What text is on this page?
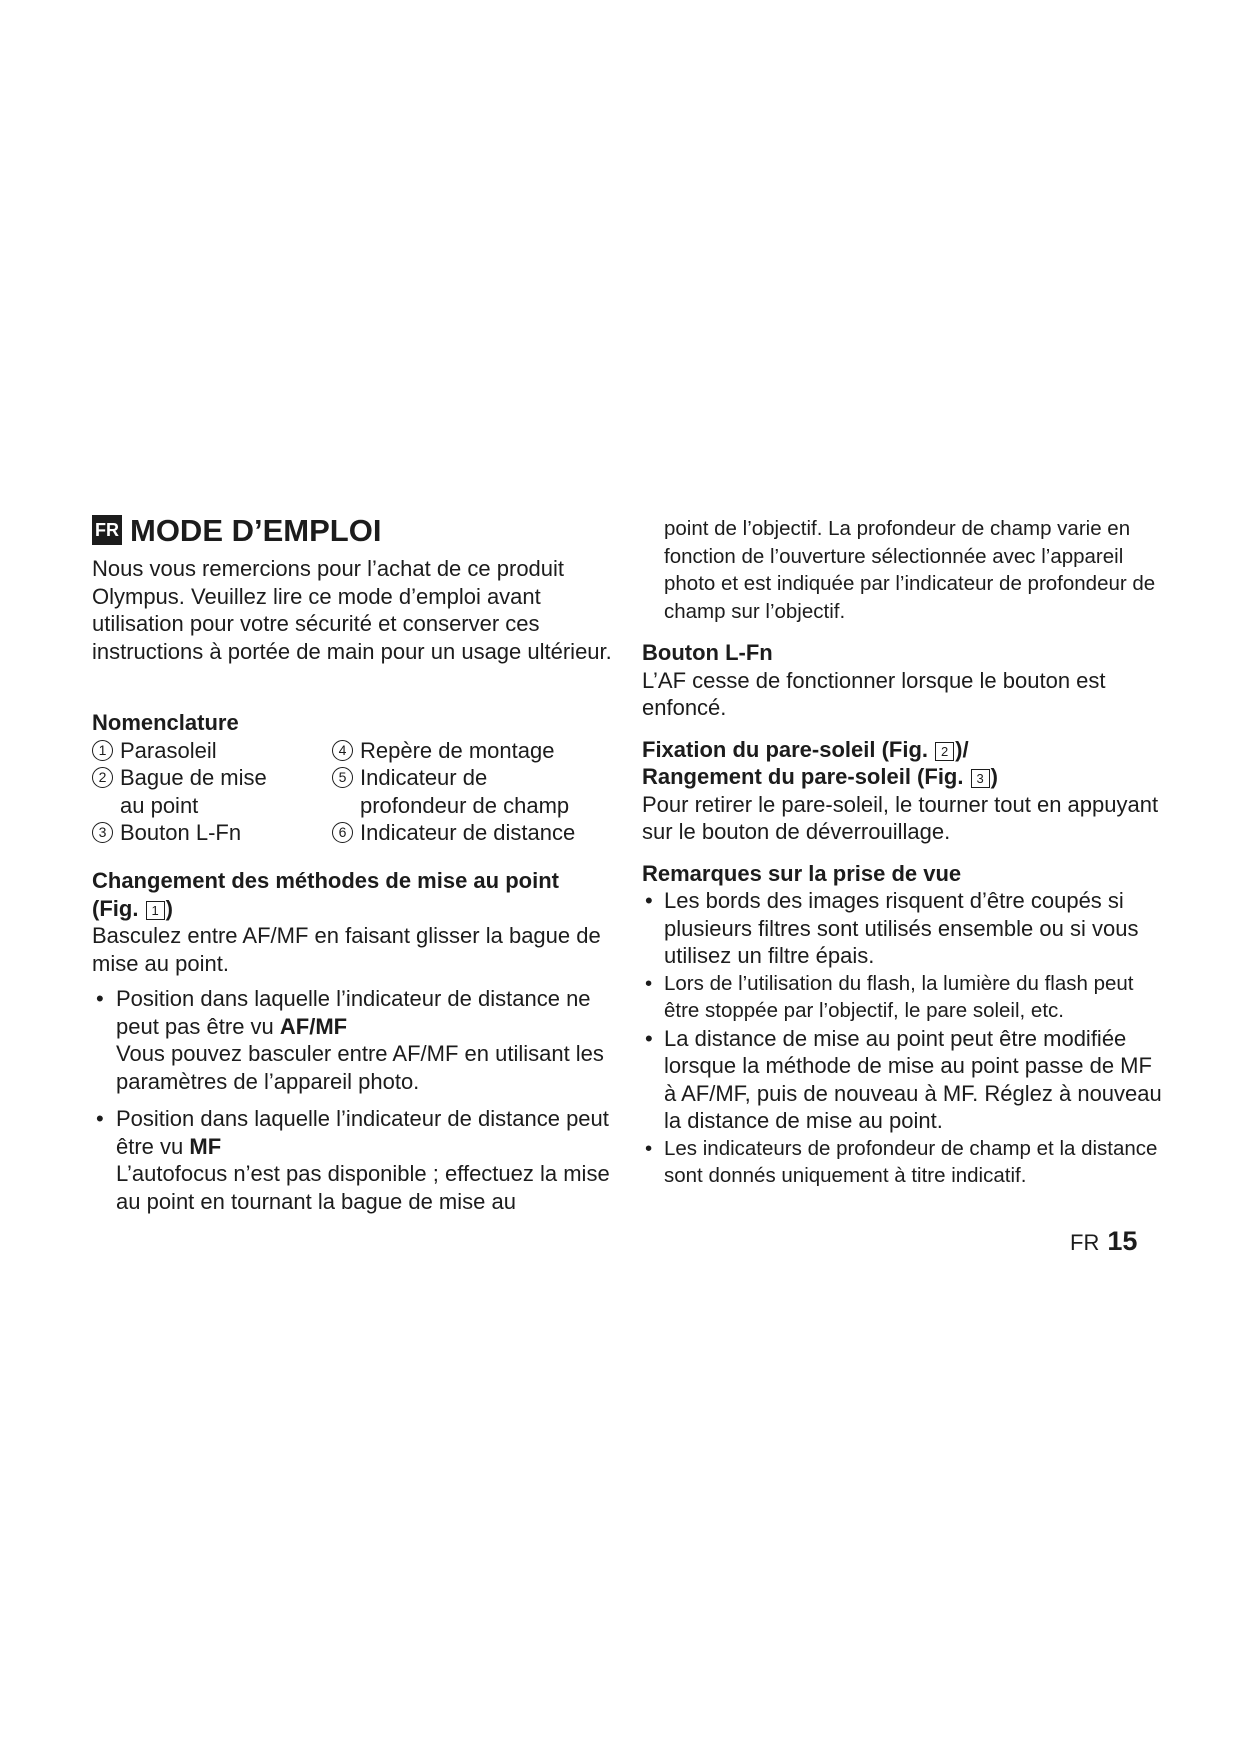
FR MODE D’EMPLOI

Nous vous remercions pour l’achat de ce produit Olympus. Veuillez lire ce mode d’emploi avant utilisation pour votre sécurité et conserver ces instructions à portée de main pour un usage ultérieur.

Nomenclature

1 Parasoleil	4 Repère de montage
2 Bague de mise au point
5 Indicateur de profondeur de champ
3 Bouton L-Fn	6 Indicateur de distance

Changement des méthodes de mise au point
(Fig. 1 )

Basculez entre AF/MF en faisant glisser la bague de mise au point.

• Position dans laquelle l’indicateur de distance ne peut pas être vu AF/MF
Vous pouvez basculer entre AF/MF en utilisant les paramètres de l’appareil photo.
• Position dans laquelle l’indicateur de distance peut être vu MF
L’autofocus n’est pas disponible ; effectuez la mise au point en tournant la bague de mise au

point de l’objectif. La profondeur de champ varie en fonction de l’ouverture sélectionnée avec l’appareil photo et est indiquée par l’indicateur de profondeur de champ sur l’objectif.

Bouton L-Fn

L’AF cesse de fonctionner lorsque le bouton est enfoncé.

Fixation du pare-soleil (Fig. 2 )/

Rangement du pare-soleil (Fig. 3 )

Pour retirer le pare-soleil, le tourner tout en appuyant sur le bouton de déverrouillage.

Remarques sur la prise de vue

• Les bords des images risquent d’être coupés si plusieurs filtres sont utilisés ensemble ou si vous utilisez un filtre épais.
• Lors de l’utilisation du flash, la lumière du flash peut être stoppée par l’objectif, le pare soleil, etc.
• La distance de mise au point peut être modifiée lorsque la méthode de mise au point passe de MF à AF/MF, puis de nouveau à MF. Réglez à nouveau la distance de mise au point.
• Les indicateurs de profondeur de champ et la distance sont donnés uniquement à titre indicatif.
FR 15
